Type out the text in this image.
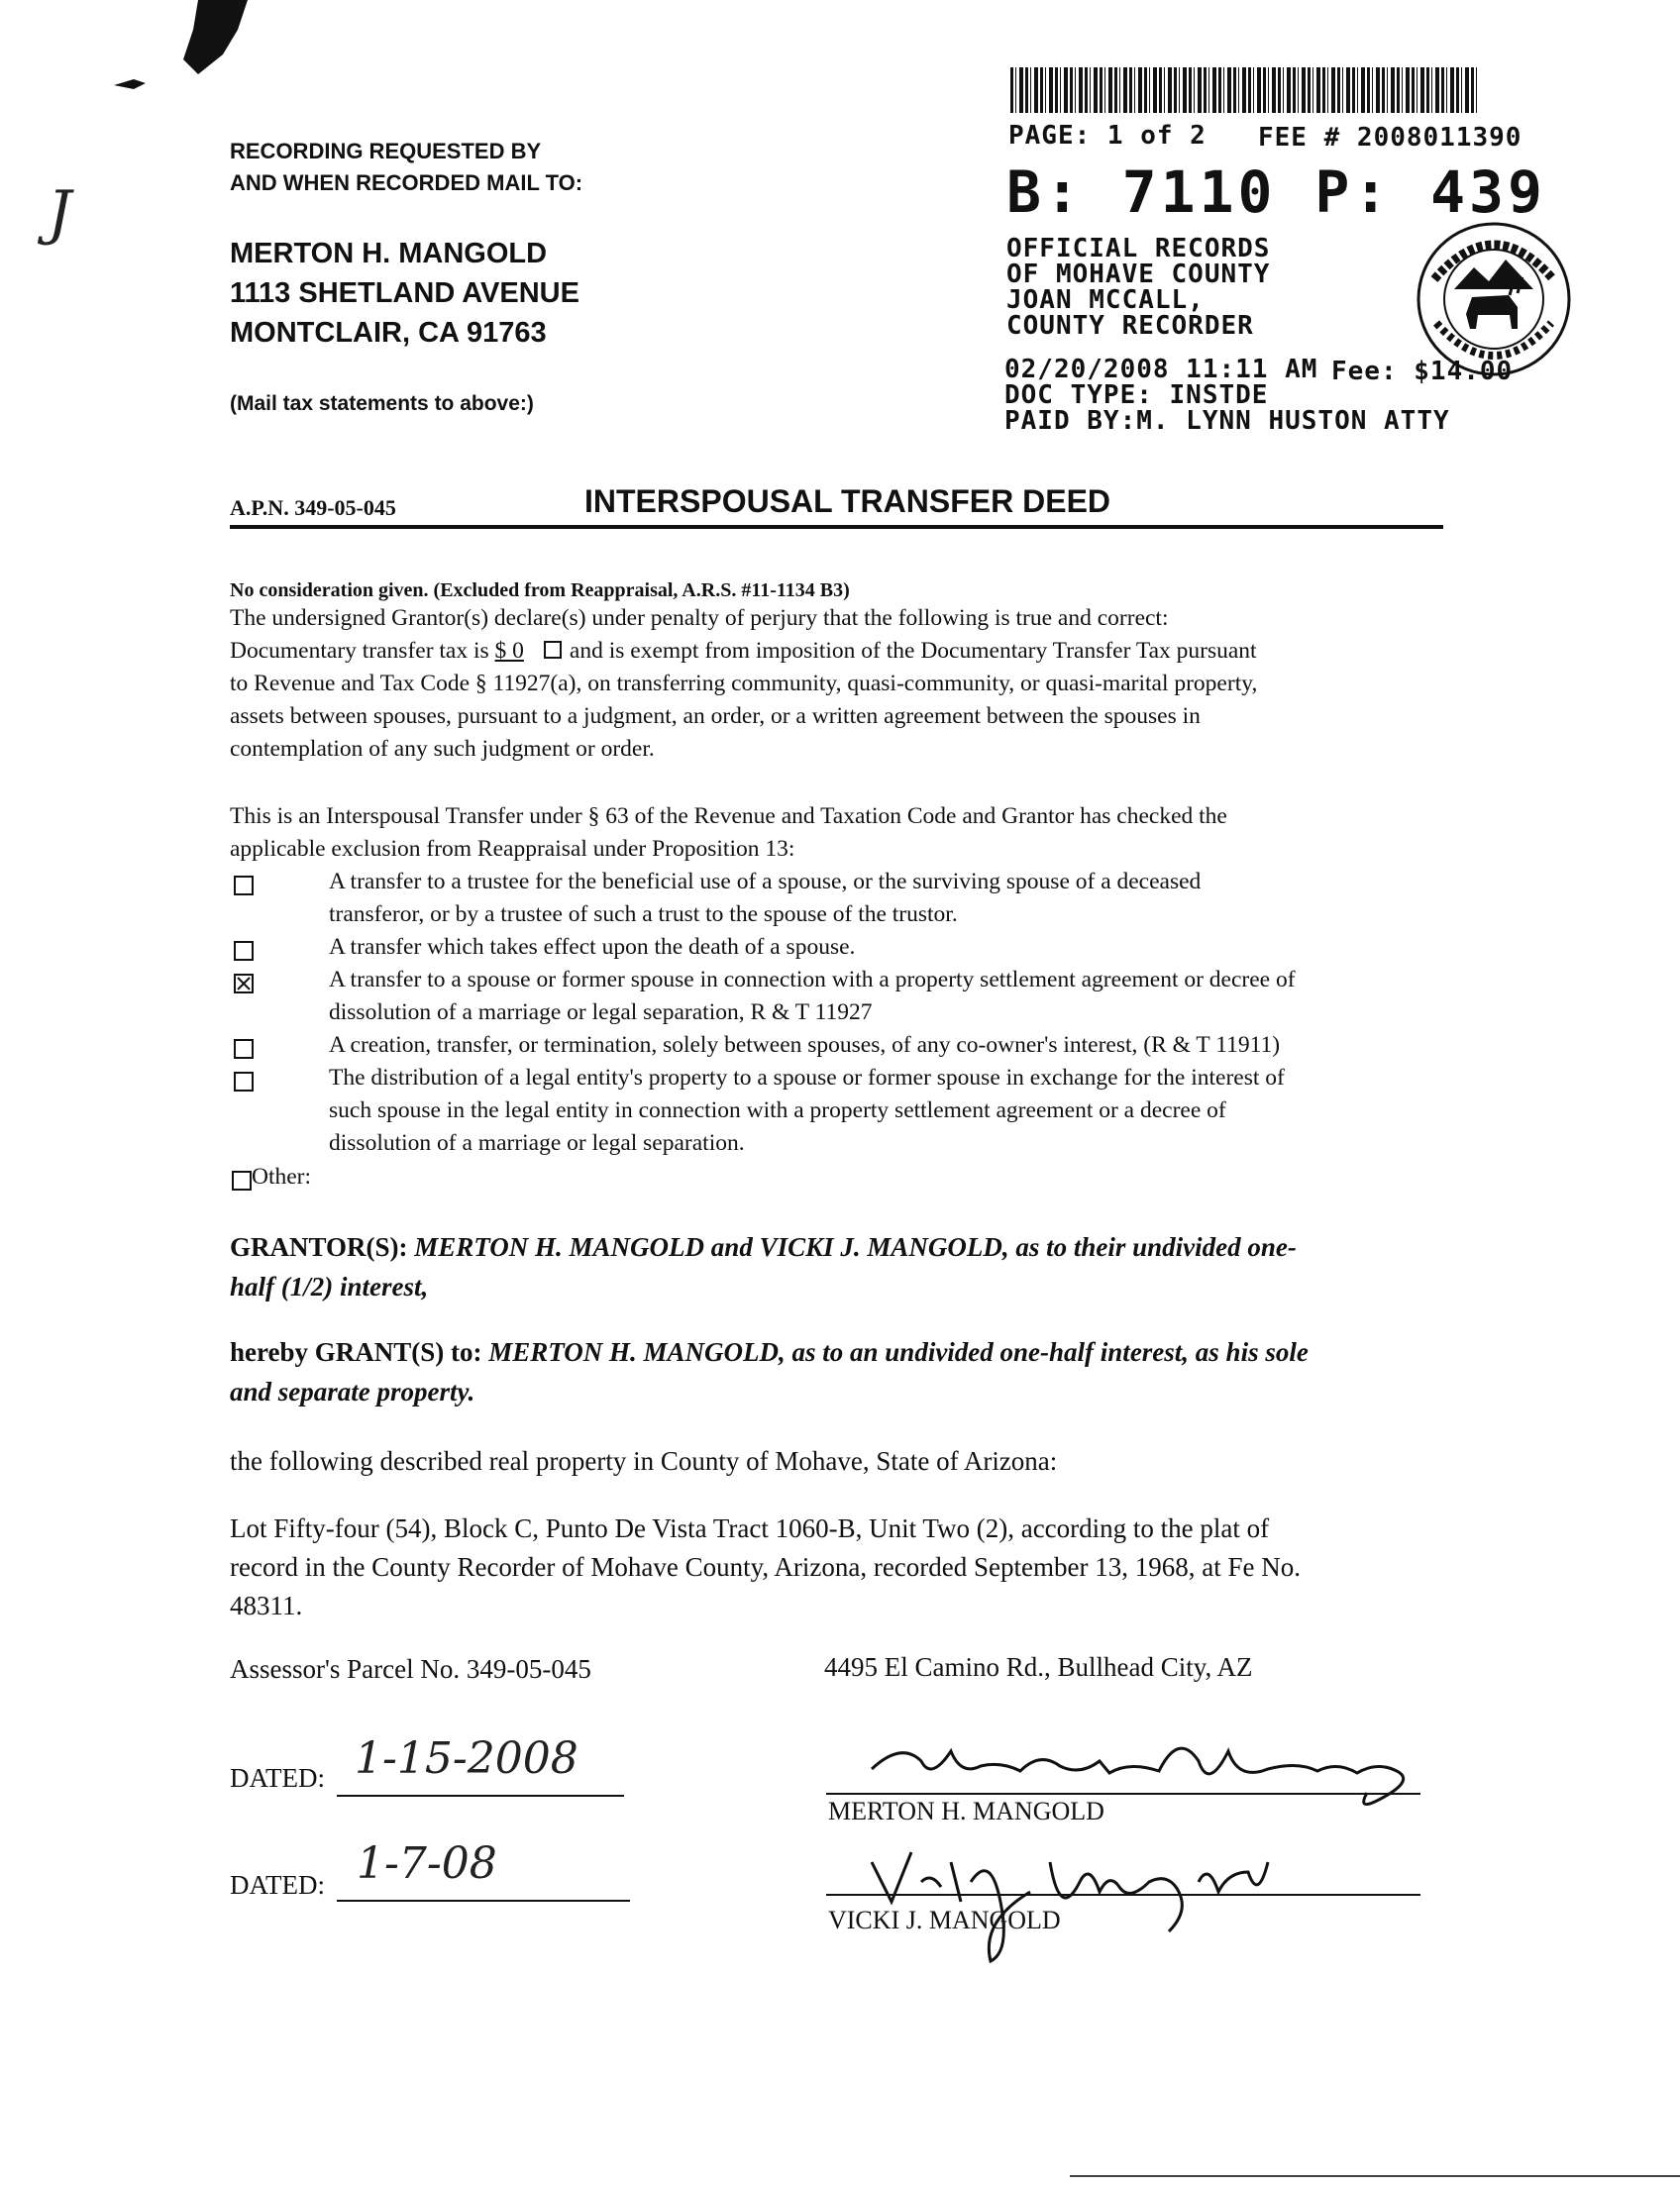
J
RECORDING REQUESTED BY
AND WHEN RECORDED MAIL TO:
MERTON H. MANGOLD
1113 SHETLAND AVENUE
MONTCLAIR, CA 91763
(Mail tax statements to above:)
PAGE: 1 of 2 FEE # 2008011390
B: 7110 P: 439
OFFICIAL RECORDS
OF MOHAVE COUNTY
JOAN MCCALL,
COUNTY RECORDER
02/20/2008 11:11 AM Fee: $14.00
DOC TYPE: INSTDE
PAID BY:M. LYNN HUSTON ATTY
A.P.N. 349-05-045	INTERSPOUSAL TRANSFER DEED
No consideration given. (Excluded from Reappraisal, A.R.S. #11-1134 B3)
The undersigned Grantor(s) declare(s) under penalty of perjury that the following is true and correct:
Documentary transfer tax is $ 0 and is exempt from imposition of the Documentary Transfer Tax pursuant
to Revenue and Tax Code § 11927(a), on transferring community, quasi-community, or quasi-marital property,
assets between spouses, pursuant to a judgment, an order, or a written agreement between the spouses in
contemplation of any such judgment or order.
This is an Interspousal Transfer under § 63 of the Revenue and Taxation Code and Grantor has checked the
applicable exclusion from Reappraisal under Proposition 13:
A transfer to a trustee for the beneficial use of a spouse, or the surviving spouse of a deceased
transferor, or by a trustee of such a trust to the spouse of the trustor.
A transfer which takes effect upon the death of a spouse.
A transfer to a spouse or former spouse in connection with a property settlement agreement or decree of
dissolution of a marriage or legal separation, R & T 11927
A creation, transfer, or termination, solely between spouses, of any co-owner's interest, (R & T 11911)
The distribution of a legal entity's property to a spouse or former spouse in exchange for the interest of
such spouse in the legal entity in connection with a property settlement agreement or a decree of
dissolution of a marriage or legal separation.
Other:
GRANTOR(S): MERTON H. MANGOLD and VICKI J. MANGOLD, as to their undivided one-
half (1/2) interest,
hereby GRANT(S) to: MERTON H. MANGOLD, as to an undivided one-half interest, as his sole
and separate property.
the following described real property in County of Mohave, State of Arizona:
Lot Fifty-four (54), Block C, Punto De Vista Tract 1060-B, Unit Two (2), according to the plat of
record in the County Recorder of Mohave County, Arizona, recorded September 13, 1968, at Fe No.
48311.
Assessor's Parcel No. 349-05-045	4495 El Camino Rd., Bullhead City, AZ
DATED: 1-15-2008
DATED: 1-7-08
MERTON H. MANGOLD
VICKI J. MANGOLD
